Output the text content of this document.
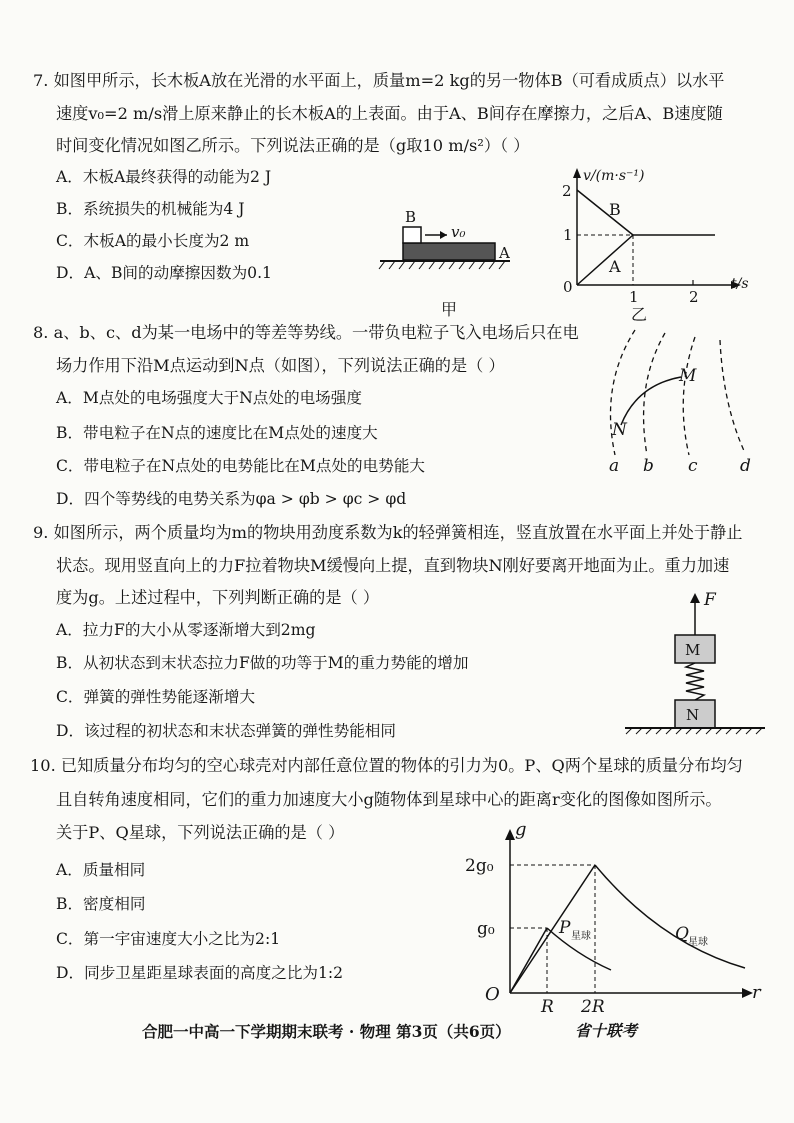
7. 如图甲所示，长木板A放在光滑的水平面上，质量m=2 kg的另一物体B（可看成质点）以水平
速度v₀=2 m/s滑上原来静止的长木板A的上表面。由于A、B间存在摩擦力，之后A、B速度随
时间变化情况如图乙所示。下列说法正确的是（g取10 m/s²）（ ）
A．木板A最终获得的动能为2 J
B．系统损失的机械能为4 J
C．木板A的最小长度为2 m
D．A、B间的动摩擦因数为0.1
B
v₀
A
甲
v/(m·s⁻¹)
t/s
2
1
0
1	2
B
A
乙
8. a、b、c、d为某一电场中的等差等势线。一带负电粒子飞入电场后只在电
场力作用下沿M点运动到N点（如图），下列说法正确的是（ ）
A．M点处的电场强度大于N点处的电场强度
B．带电粒子在N点的速度比在M点处的速度大
C．带电粒子在N点处的电势能比在M点处的电势能大
D．四个等势线的电势关系为φa > φb > φc > φd
M
N
a b c d
9. 如图所示，两个质量均为m的物块用劲度系数为k的轻弹簧相连，竖直放置在水平面上并处于静止
状态。现用竖直向上的力F拉着物块M缓慢向上提，直到物块N刚好要离开地面为止。重力加速
度为g。上述过程中，下列判断正确的是（ ）
A．拉力F的大小从零逐渐增大到2mg
B．从初状态到末状态拉力F做的功等于M的重力势能的增加
C．弹簧的弹性势能逐渐增大
D．该过程的初状态和末状态弹簧的弹性势能相同
F
M
N
10. 已知质量分布均匀的空心球壳对内部任意位置的物体的引力为0。P、Q两个星球的质量分布均匀
且自转角速度相同，它们的重力加速度大小g随物体到星球中心的距离r变化的图像如图所示。
关于P、Q星球，下列说法正确的是（ ）
A．质量相同
B．密度相同
C．第一宇宙速度大小之比为2:1
D．同步卫星距星球表面的高度之比为1:2
g
r
O
2g₀
g₀
R 2R
P 星球	Q 星球
合肥一中高一下学期期末联考 · 物理 第3页（共6页）	省十联考
